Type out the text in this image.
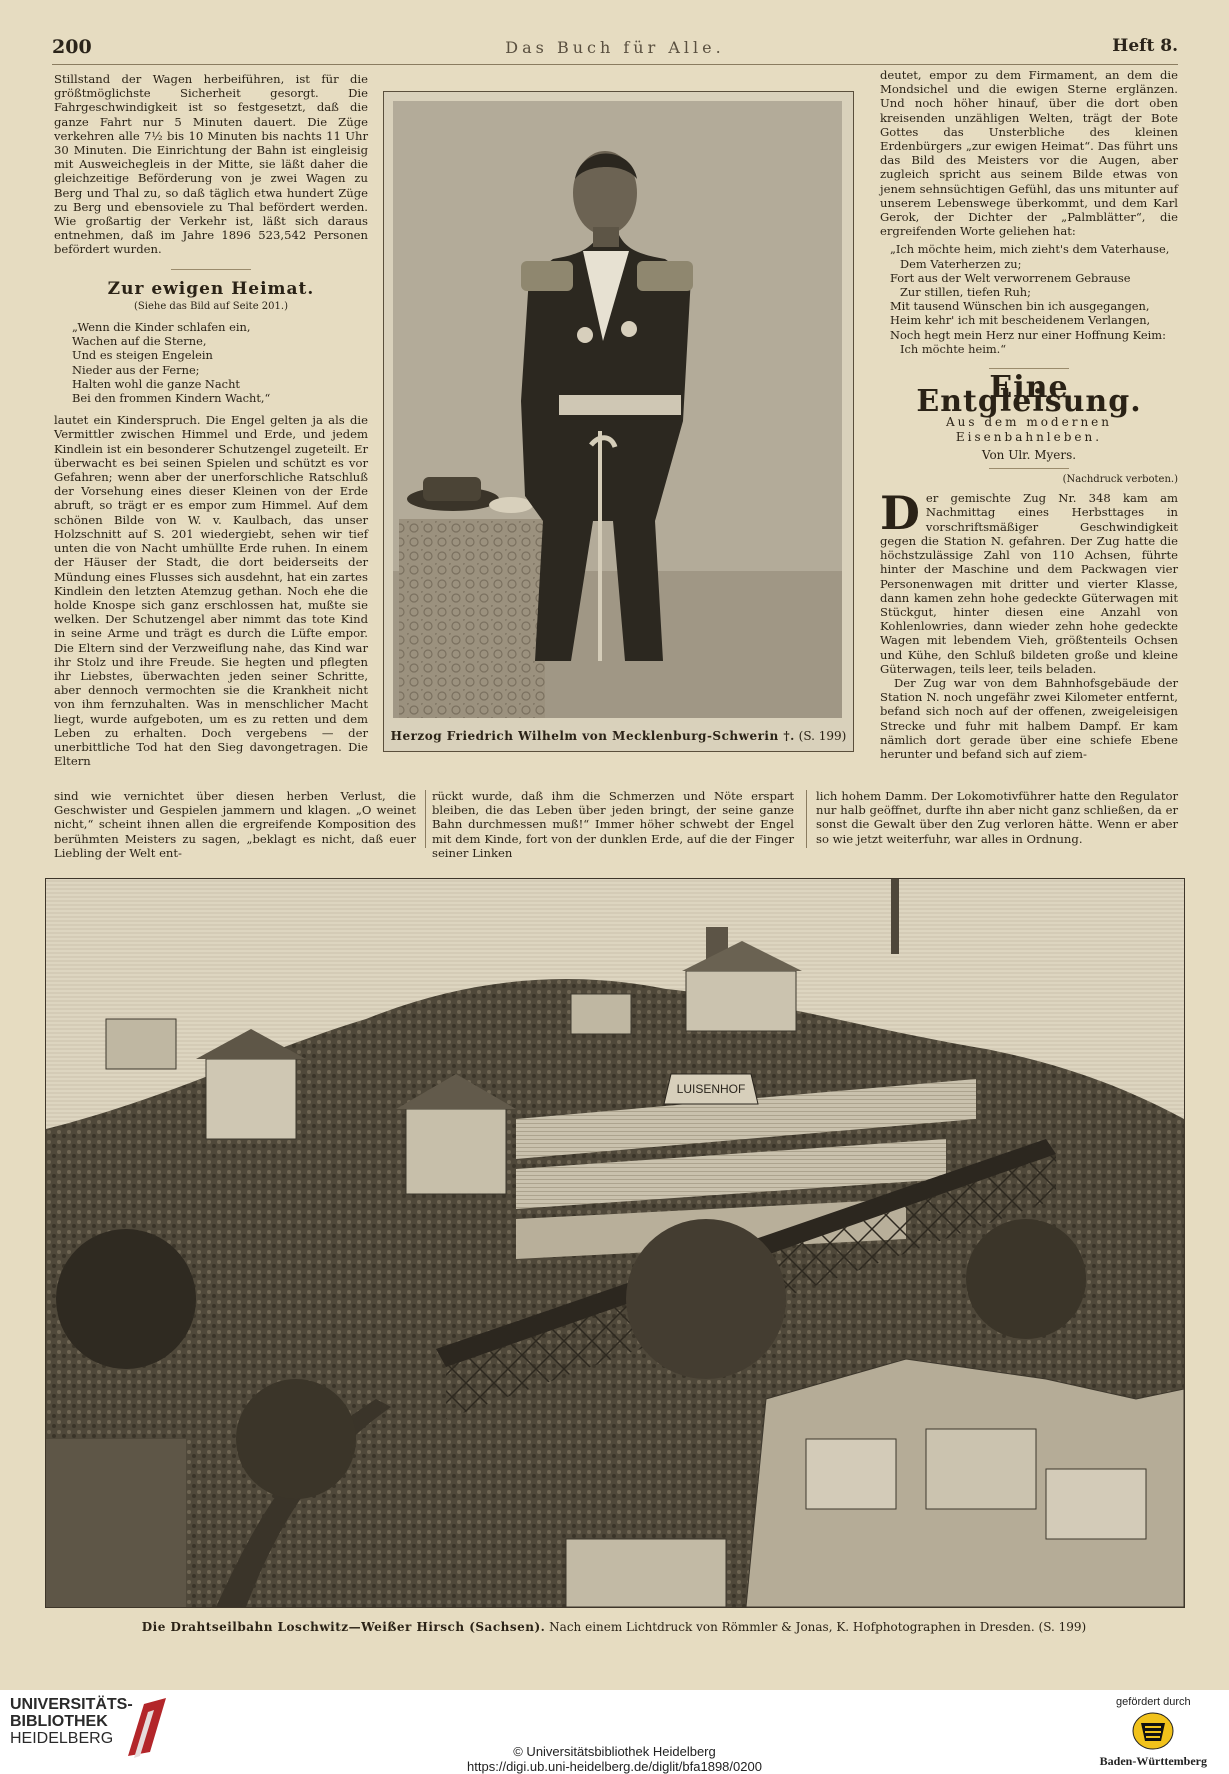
200	Das Buch für Alle.	Heft 8.

Stillstand der Wagen herbeiführen, ist für die größtmöglichste Sicherheit gesorgt. Die Fahrgeschwindigkeit ist so festgesetzt, daß die ganze Fahrt nur 5 Minuten dauert. Die Züge verkehren alle 7½ bis 10 Minuten bis nachts 11 Uhr 30 Minuten. Die Einrichtung der Bahn ist eingleisig mit Ausweichegleis in der Mitte, sie läßt daher die gleichzeitige Beförderung von je zwei Wagen zu Berg und Thal zu, so daß täglich etwa hundert Züge zu Berg und ebensoviele zu Thal befördert werden. Wie großartig der Verkehr ist, läßt sich daraus entnehmen, daß im Jahre 1896 523,542 Personen befördert wurden.

Zur ewigen Heimat.
(Siehe das Bild auf Seite 201.)
„Wenn die Kinder schlafen ein,
Wachen auf die Sterne,
Und es steigen Engelein
Nieder aus der Ferne;
Halten wohl die ganze Nacht
Bei den frommen Kindern Wacht,“

lautet ein Kinderspruch. Die Engel gelten ja als die Vermittler zwischen Himmel und Erde, und jedem Kindlein ist ein besonderer Schutzengel zugeteilt. Er überwacht es bei seinen Spielen und schützt es vor Gefahren; wenn aber der unerforschliche Ratschluß der Vorsehung eines dieser Kleinen von der Erde abruft, so trägt er es empor zum Himmel. Auf dem schönen Bilde von W. v. Kaulbach, das unser Holzschnitt auf S. 201 wiedergiebt, sehen wir tief unten die von Nacht umhüllte Erde ruhen. In einem der Häuser der Stadt, die dort beiderseits der Mündung eines Flusses sich ausdehnt, hat ein zartes Kindlein den letzten Atemzug gethan. Noch ehe die holde Knospe sich ganz erschlossen hat, mußte sie welken. Der Schutzengel aber nimmt das tote Kind in seine Arme und trägt es durch die Lüfte empor. Die Eltern sind der Verzweiflung nahe, das Kind war ihr Stolz und ihre Freude. Sie hegten und pflegten ihr Liebstes, überwachten jeden seiner Schritte, aber dennoch vermochten sie die Krankheit nicht von ihm fernzuhalten. Was in menschlicher Macht liegt, wurde aufgeboten, um es zu retten und dem Leben zu erhalten. Doch vergebens — der unerbittliche Tod hat den Sieg davongetragen. Die Eltern

Herzog Friedrich Wilhelm von Mecklenburg-Schwerin †. (S. 199)

deutet, empor zu dem Firmament, an dem die Mondsichel und die ewigen Sterne erglänzen. Und noch höher hinauf, über die dort oben kreisenden unzähligen Welten, trägt der Bote Gottes das Unsterbliche des kleinen Erdenbürgers „zur ewigen Heimat“. Das führt uns das Bild des Meisters vor die Augen, aber zugleich spricht aus seinem Bilde etwas von jenem sehnsüchtigen Gefühl, das uns mitunter auf unserem Lebenswege überkommt, und dem Karl Gerok, der Dichter der „Palmblätter“, die ergreifenden Worte geliehen hat:

„Ich möchte heim, mich zieht's dem Vaterhause,
Dem Vaterherzen zu;
Fort aus der Welt verworrenem Gebrause
Zur stillen, tiefen Ruh;
Mit tausend Wünschen bin ich ausgegangen,
Heim kehr' ich mit bescheidenem Verlangen,
Noch hegt mein Herz nur einer Hoffnung Keim:
Ich möchte heim.“
Eine Entgleisung.
Aus dem modernen Eisenbahnleben.
Von Ulr. Myers.
(Nachdruck verboten.)

Der gemischte Zug Nr. 348 kam am Nachmittag eines Herbsttages in vorschriftsmäßiger Geschwindigkeit gegen die Station N. gefahren. Der Zug hatte die höchstzulässige Zahl von 110 Achsen, führte hinter der Maschine und dem Packwagen vier Personenwagen mit dritter und vierter Klasse, dann kamen zehn hohe gedeckte Güterwagen mit Stückgut, hinter diesen eine Anzahl von Kohlenlowries, dann wieder zehn hohe gedeckte Wagen mit lebendem Vieh, größtenteils Ochsen und Kühe, den Schluß bildeten große und kleine Güterwagen, teils leer, teils beladen.

Der Zug war von dem Bahnhofsgebäude der Station N. noch ungefähr zwei Kilometer entfernt, befand sich noch auf der offenen, zweigeleisigen Strecke und fuhr mit halbem Dampf. Er kam nämlich dort gerade über eine schiefe Ebene herunter und befand sich auf ziem-

sind wie vernichtet über diesen herben Verlust, die Geschwister und Gespielen jammern und klagen. „O weinet nicht,“ scheint ihnen allen die ergreifende Komposition des berühmten Meisters zu sagen, „beklagt es nicht, daß euer Liebling der Welt ent-
rückt wurde, daß ihm die Schmerzen und Nöte erspart bleiben, die das Leben über jeden bringt, der seine ganze Bahn durchmessen muß!“ Immer höher schwebt der Engel mit dem Kinde, fort von der dunklen Erde, auf die der Finger seiner Linken
lich hohem Damm. Der Lokomotivführer hatte den Regulator nur halb geöffnet, durfte ihn aber nicht ganz schließen, da er sonst die Gewalt über den Zug verloren hätte. Wenn er aber so wie jetzt weiterfuhr, war alles in Ordnung.
LUISENHOF
Die Drahtseilbahn Loschwitz—Weißer Hirsch (Sachsen). Nach einem Lichtdruck von Römmler & Jonas, K. Hofphotographen in Dresden. (S. 199)
UNIVERSITÄTS-
BIBLIOTHEK
HEIDELBERG
© Universitätsbibliothek Heidelberg
https://digi.ub.uni-heidelberg.de/diglit/bfa1898/0200
gefördert durch
Baden-Württemberg
